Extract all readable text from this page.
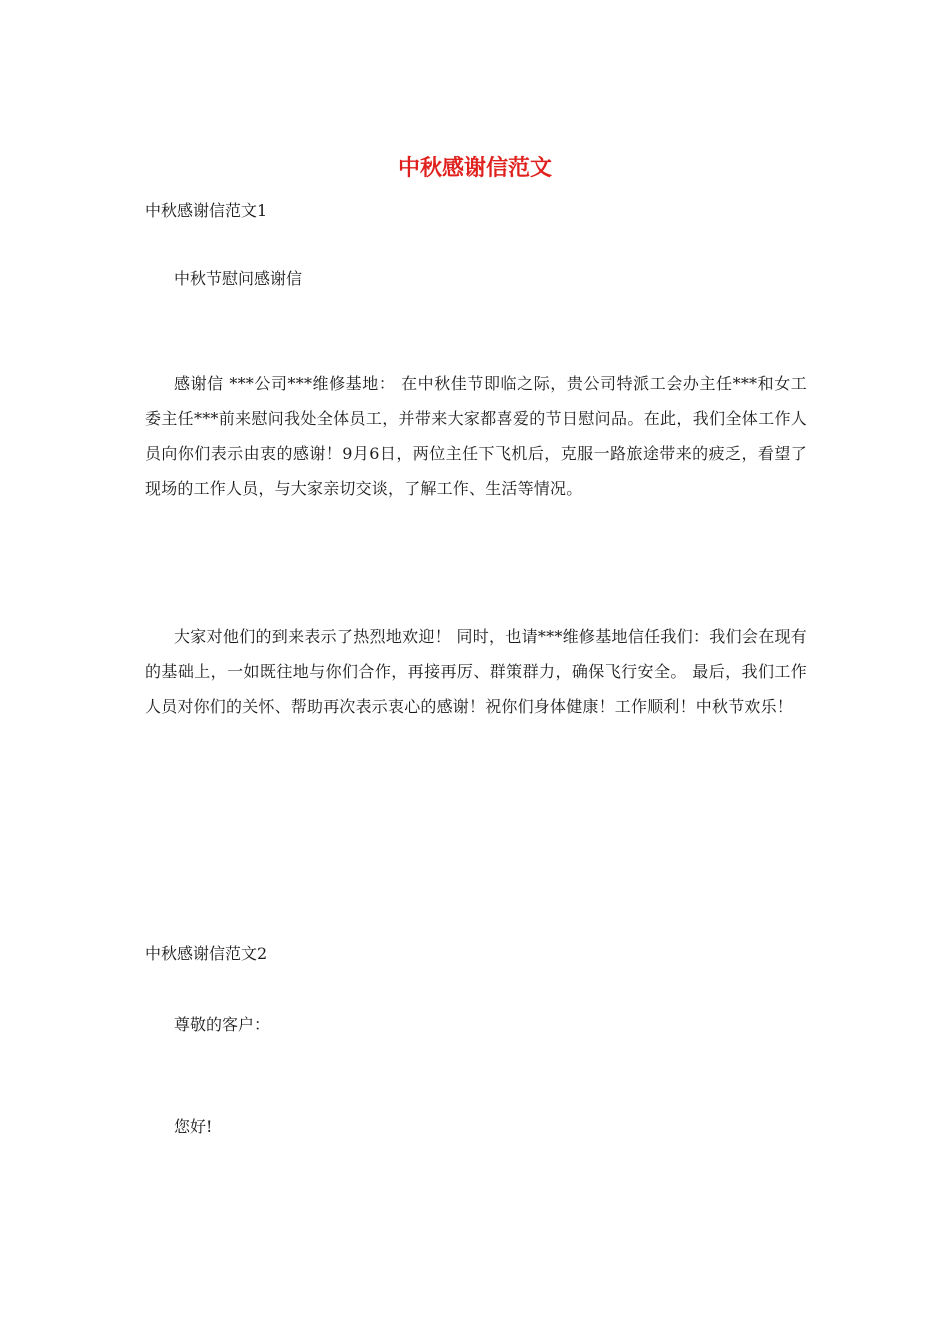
中秋感谢信范文

中秋感谢信范文1

中秋节慰问感谢信

感谢信 ***公司***维修基地： 在中秋佳节即临之际，贵公司特派工会办主任***和女工委主任***前来慰问我处全体员工，并带来大家都喜爱的节日慰问品。在此，我们全体工作人员向你们表示由衷的感谢！9月6日，两位主任下飞机后，克服一路旅途带来的疲乏，看望了现场的工作人员，与大家亲切交谈，了解工作、生活等情况。

大家对他们的到来表示了热烈地欢迎！ 同时，也请***维修基地信任我们：我们会在现有的基础上，一如既往地与你们合作，再接再厉、群策群力，确保飞行安全。 最后，我们工作人员对你们的关怀、帮助再次表示衷心的感谢！祝你们身体健康！工作顺利！中秋节欢乐！

中秋感谢信范文2

尊敬的客户：

您好!
